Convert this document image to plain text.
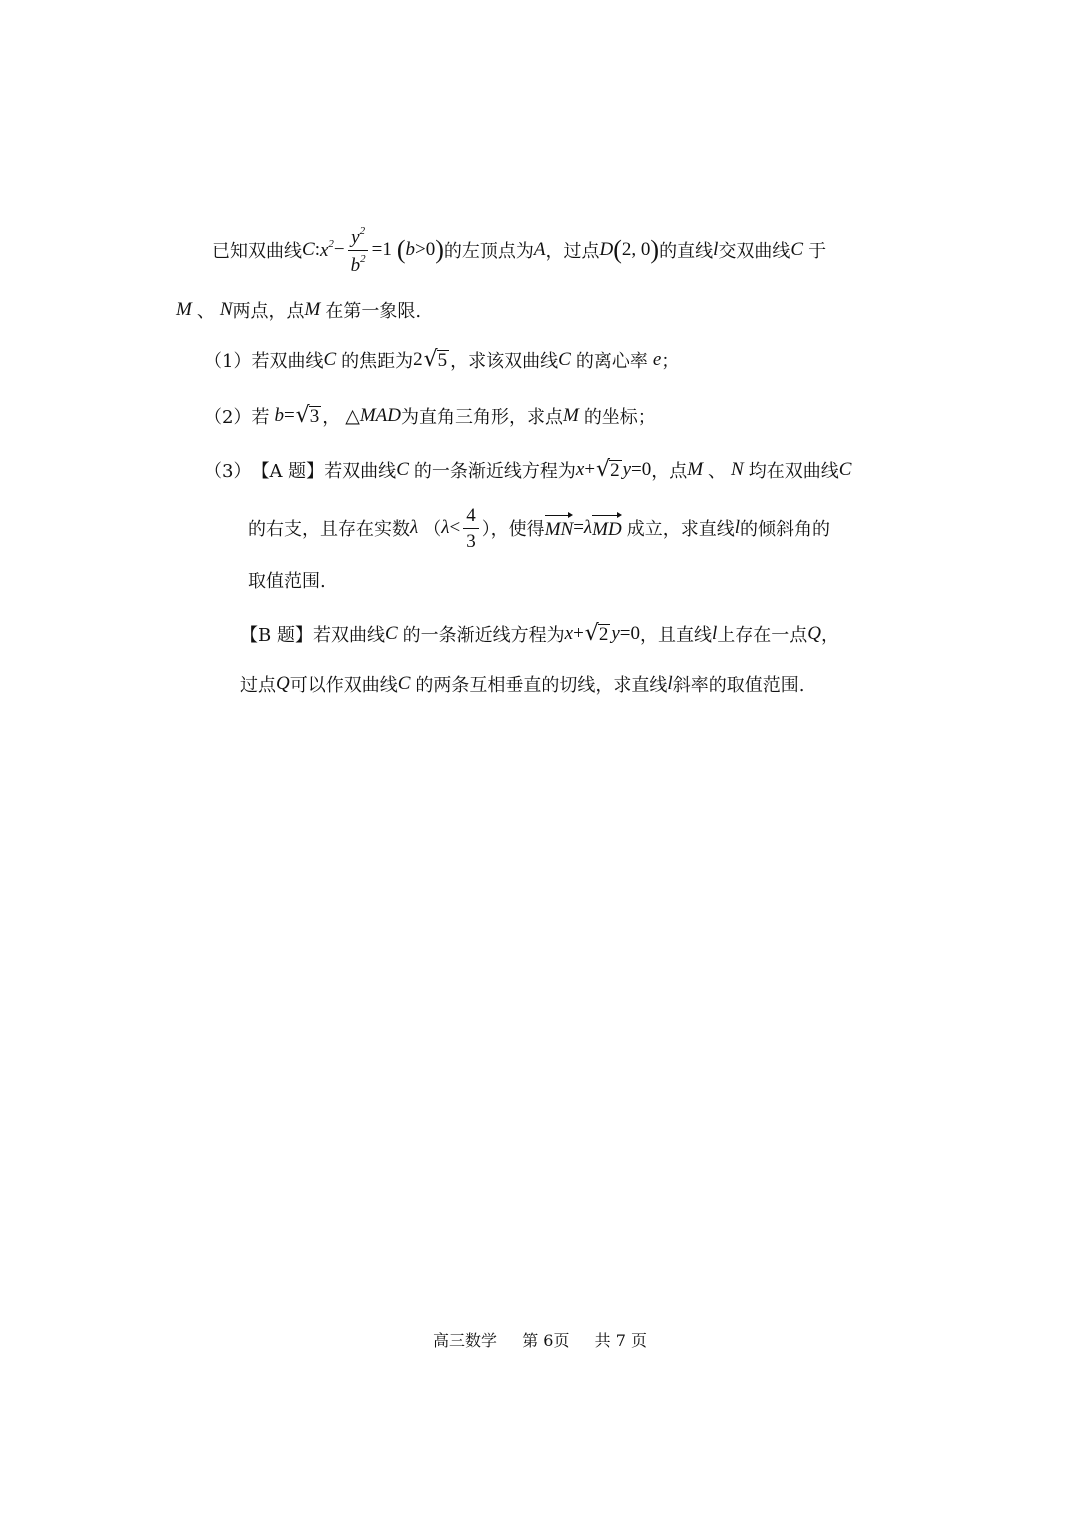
已知双曲线 C : $x^2 - \frac{y^2}{b^2} = 1$ ( b > 0 ) 的左顶点为 A ，过点 D ( 2, 0 ) 的直线 l 交双曲线 C 于
M 、 N 两点，点 M 在第一象限.
（1） 若双曲线 C 的焦距为 2 √ 5 ，求该双曲线 C 的离心率 e ；
（2） 若 b = √ 3 ， △ MAD 为直角三角形，求点 M 的坐标；
（3） 【A 题】 若双曲线 C 的一条渐近线方程为 x + √ 2 y = 0 ，点 M 、 N 均在双曲线 C
的右支，且存在实数 λ （ $\lambda < \frac{4}{3}$ ），使得 MN = λ MD 成立，求直线 l 的倾斜角的
取值范围.
【B 题】 若双曲线 C 的一条渐近线方程为 x + √ 2 y = 0 ，且直线 l 上存在一点 Q ，
过点 Q 可以作双曲线 C 的两条互相垂直的切线，求直线 l 斜率的取值范围.
高三数学 第 6页 共 7 页
